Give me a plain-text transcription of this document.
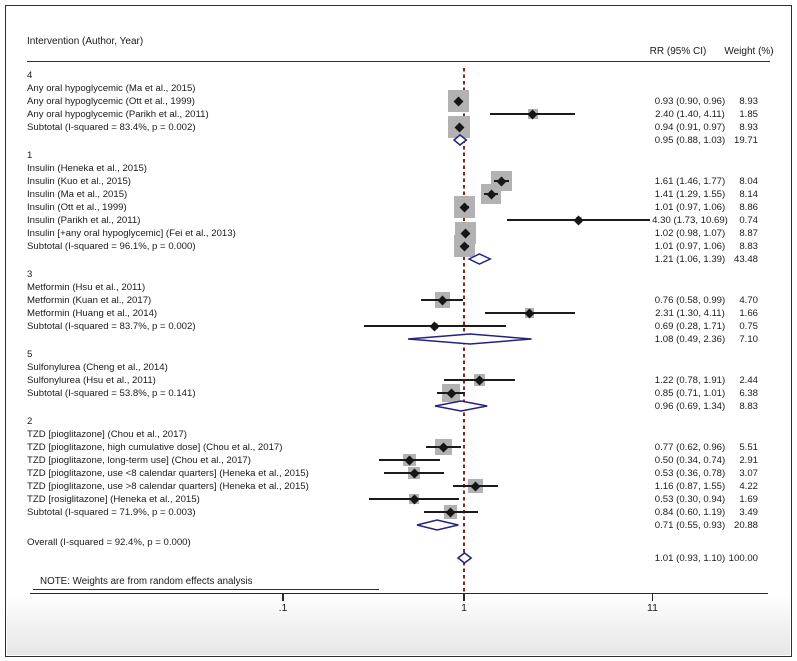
Intervention (Author, Year)
RR (95% CI)	Weight (%)
4
Any oral hypoglycemic (Ma et al., 2015)
Any oral hypoglycemic (Ott et al., 1999)	0.93 (0.90, 0.96)	8.93
Any oral hypoglycemic (Parikh et al., 2011)	2.40 (1.40, 4.11)	1.85
Subtotal (I-squared = 83.4%, p = 0.002)	0.94 (0.91, 0.97)	8.93
0.95 (0.88, 1.03) 19.71
1
Insulin (Heneka et al., 2015)
Insulin (Kuo et al., 2015)	1.61 (1.46, 1.77)	8.04
Insulin (Ma et al., 2015)	1.41 (1.29, 1.55)	8.14
Insulin (Ott et al., 1999)	1.01 (0.97, 1.06)	8.86
Insulin (Parikh et al., 2011)	4.30 (1.73, 10.69)	0.74
Insulin [+any oral hypoglycemic] (Fei et al., 2013)	1.02 (0.98, 1.07)	8.87
Subtotal (I-squared = 96.1%, p = 0.000)	1.01 (0.97, 1.06)	8.83
1.21 (1.06, 1.39) 43.48
3
Metformin (Hsu et al., 2011)
Metformin (Kuan et al., 2017)	0.76 (0.58, 0.99)	4.70
Metformin (Huang et al., 2014)	2.31 (1.30, 4.11)	1.66
Subtotal (I-squared = 83.7%, p = 0.002)	0.69 (0.28, 1.71)	0.75
1.08 (0.49, 2.36)	7.10
5
Sulfonylurea (Cheng et al., 2014)
Sulfonylurea (Hsu et al., 2011)	1.22 (0.78, 1.91)	2.44
Subtotal (I-squared = 53.8%, p = 0.141)	0.85 (0.71, 1.01)	6.38
0.96 (0.69, 1.34)	8.83
2
TZD [pioglitazone] (Chou et al., 2017)
TZD [pioglitazone, high cumulative dose] (Chou et al., 2017)	0.77 (0.62, 0.96)	5.51
TZD [pioglitazone, long-term use] (Chou et al., 2017)	0.50 (0.34, 0.74)	2.91
TZD [pioglitazone, use <8 calendar quarters] (Heneka et al., 2015)	0.53 (0.36, 0.78)	3.07
TZD [pioglitazone, use >8 calendar quarters] (Heneka et al., 2015)	1.16 (0.87, 1.55)	4.22
TZD [rosiglitazone] (Heneka et al., 2015)	0.53 (0.30, 0.94)	1.69
Subtotal (I-squared = 71.9%, p = 0.003)	0.84 (0.60, 1.19)	3.49
0.71 (0.55, 0.93) 20.88
Overall (I-squared = 92.4%, p = 0.000)
1.01 (0.93, 1.10) 100.00
NOTE: Weights are from random effects analysis
.1	1	11
